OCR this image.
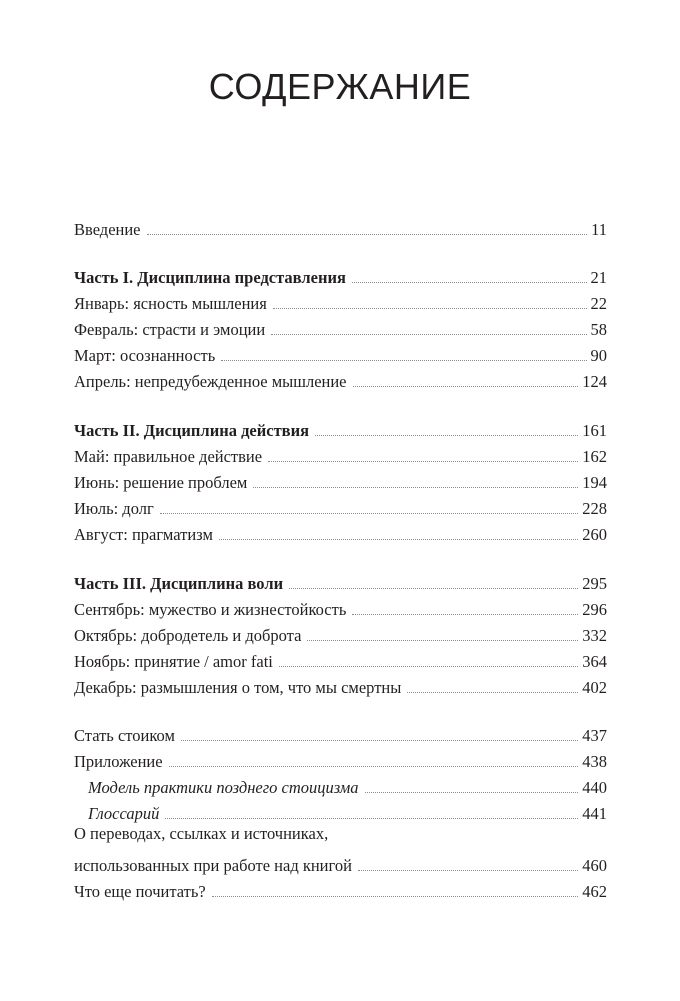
СОДЕРЖАНИЕ
Введение	11
Часть I. Дисциплина представления	21
Январь: ясность мышления	22
Февраль: страсти и эмоции	58
Март: осознанность	90
Апрель: непредубежденное мышление	124
Часть II. Дисциплина действия	161
Май: правильное действие	162
Июнь: решение проблем	194
Июль: долг	228
Август: прагматизм	260
Часть III. Дисциплина воли	295
Сентябрь: мужество и жизнестойкость	296
Октябрь: добродетель и доброта	332
Ноябрь: принятие / amor fati	364
Декабрь: размышления о том, что мы смертны	402
Стать стоиком	437
Приложение	438
Модель практики позднего стоицизма	440
Глоссарий	441
О переводах, ссылках и источниках,
использованных при работе над книгой	460
Что еще почитать?	462
